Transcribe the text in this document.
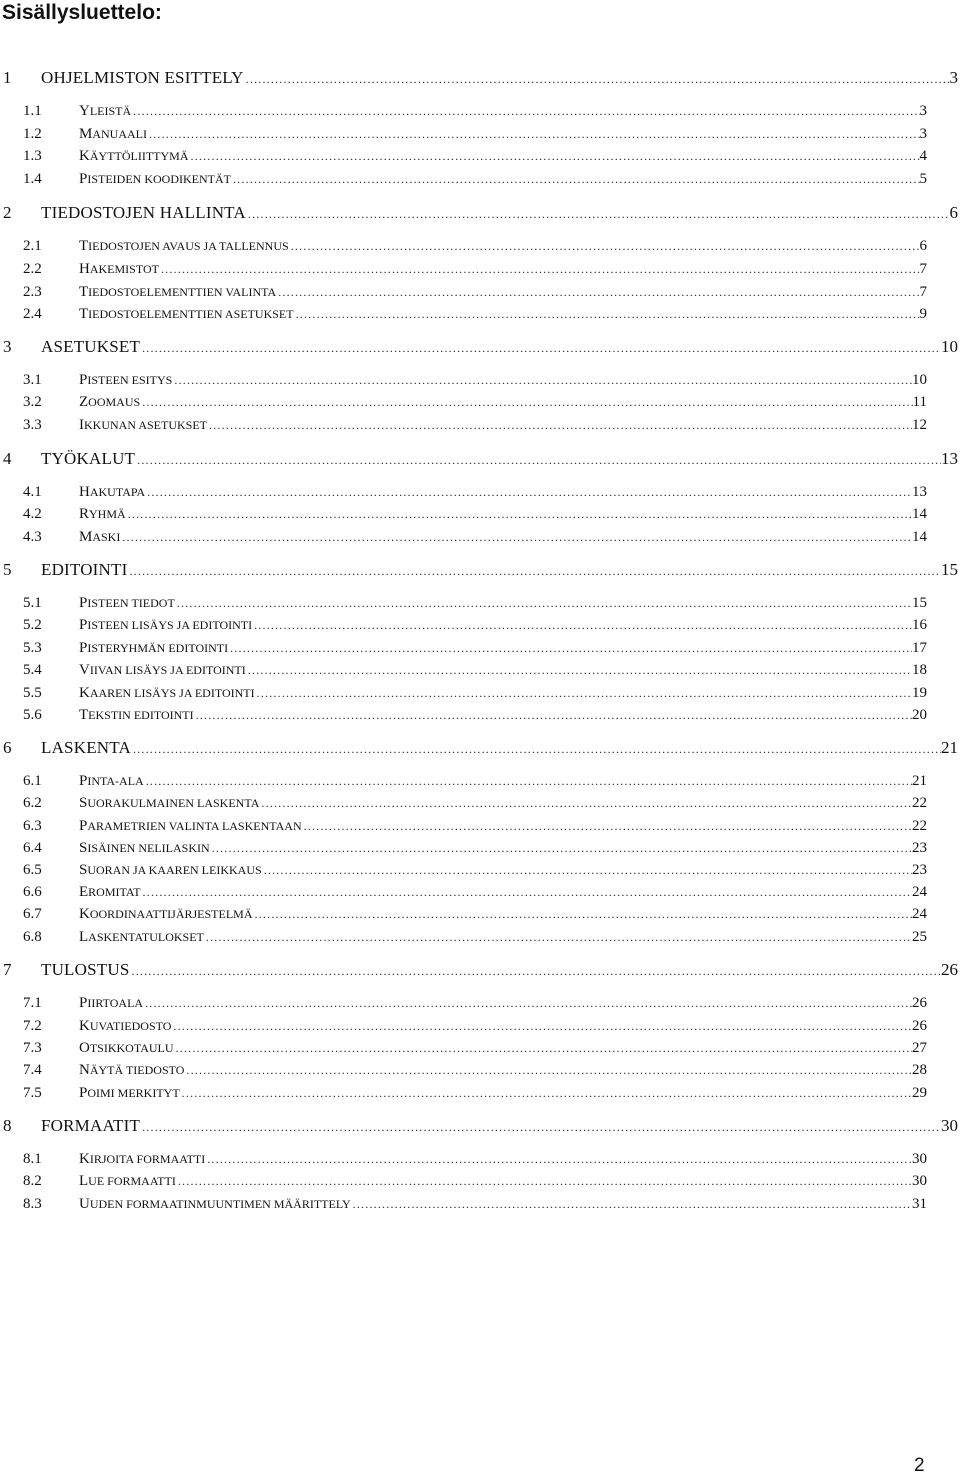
Sisällysluettelo:
1 OHJELMISTON ESITTELY .....	3
1.1 YLEISTÄ .....	3
1.2 MANUAALI .....	3
1.3 KÄYTTÖLIITTYMÄ .....	4
1.4 PISTEIDEN KOODIKENTÄT .....	5
2 TIEDOSTOJEN HALLINTA .....	6
2.1 TIEDOSTOJEN AVAUS JA TALLENNUS .....	6
2.2 HAKEMISTOT .....	7
2.3 TIEDOSTOELEMENTTIEN VALINTA .....	7
2.4 TIEDOSTOELEMENTTIEN ASETUKSET .....	9
3 ASETUKSET .....	10
3.1 PISTEEN ESITYS .....	10
3.2 ZOOMAUS .....	11
3.3 IKKUNAN ASETUKSET .....	12
4 TYÖKALUT .....	13
4.1 HAKUTAPA .....	13
4.2 RYHMÄ .....	14
4.3 MASKI .....	14
5 EDITOINTI .....	15
5.1 PISTEEN TIEDOT .....	15
5.2 PISTEEN LISÄYS JA EDITOINTI .....	16
5.3 PISTERYHMÄN EDITOINTI .....	17
5.4 VIIVAN LISÄYS JA EDITOINTI .....	18
5.5 KAAREN LISÄYS JA EDITOINTI .....	19
5.6 TEKSTIN EDITOINTI .....	20
6 LASKENTA .....	21
6.1 PINTA-ALA .....	21
6.2 SUORAKULMAINEN LASKENTA .....	22
6.3 PARAMETRIEN VALINTA LASKENTAAN .....	22
6.4 SISÄINEN NELILASKIN .....	23
6.5 SUORAN JA KAAREN LEIKKAUS .....	23
6.6 EROMITAT .....	24
6.7 KOORDINAATTIJÄRJESTELMÄ .....	24
6.8 LASKENTATULOKSET .....	25
7 TULOSTUS .....	26
7.1 PIIRTOALA .....	26
7.2 KUVATIEDOSTO .....	26
7.3 OTSIKKOTAULU .....	27
7.4 NÄYTÄ TIEDOSTO .....	28
7.5 POIMI MERKITYT .....	29
8 FORMAATIT .....	30
8.1 KIRJOITA FORMAATTI .....	30
8.2 LUE FORMAATTI .....	30
8.3 UUDEN FORMAATINMUUNTIMEN MÄÄRITTELY .....	31
2
